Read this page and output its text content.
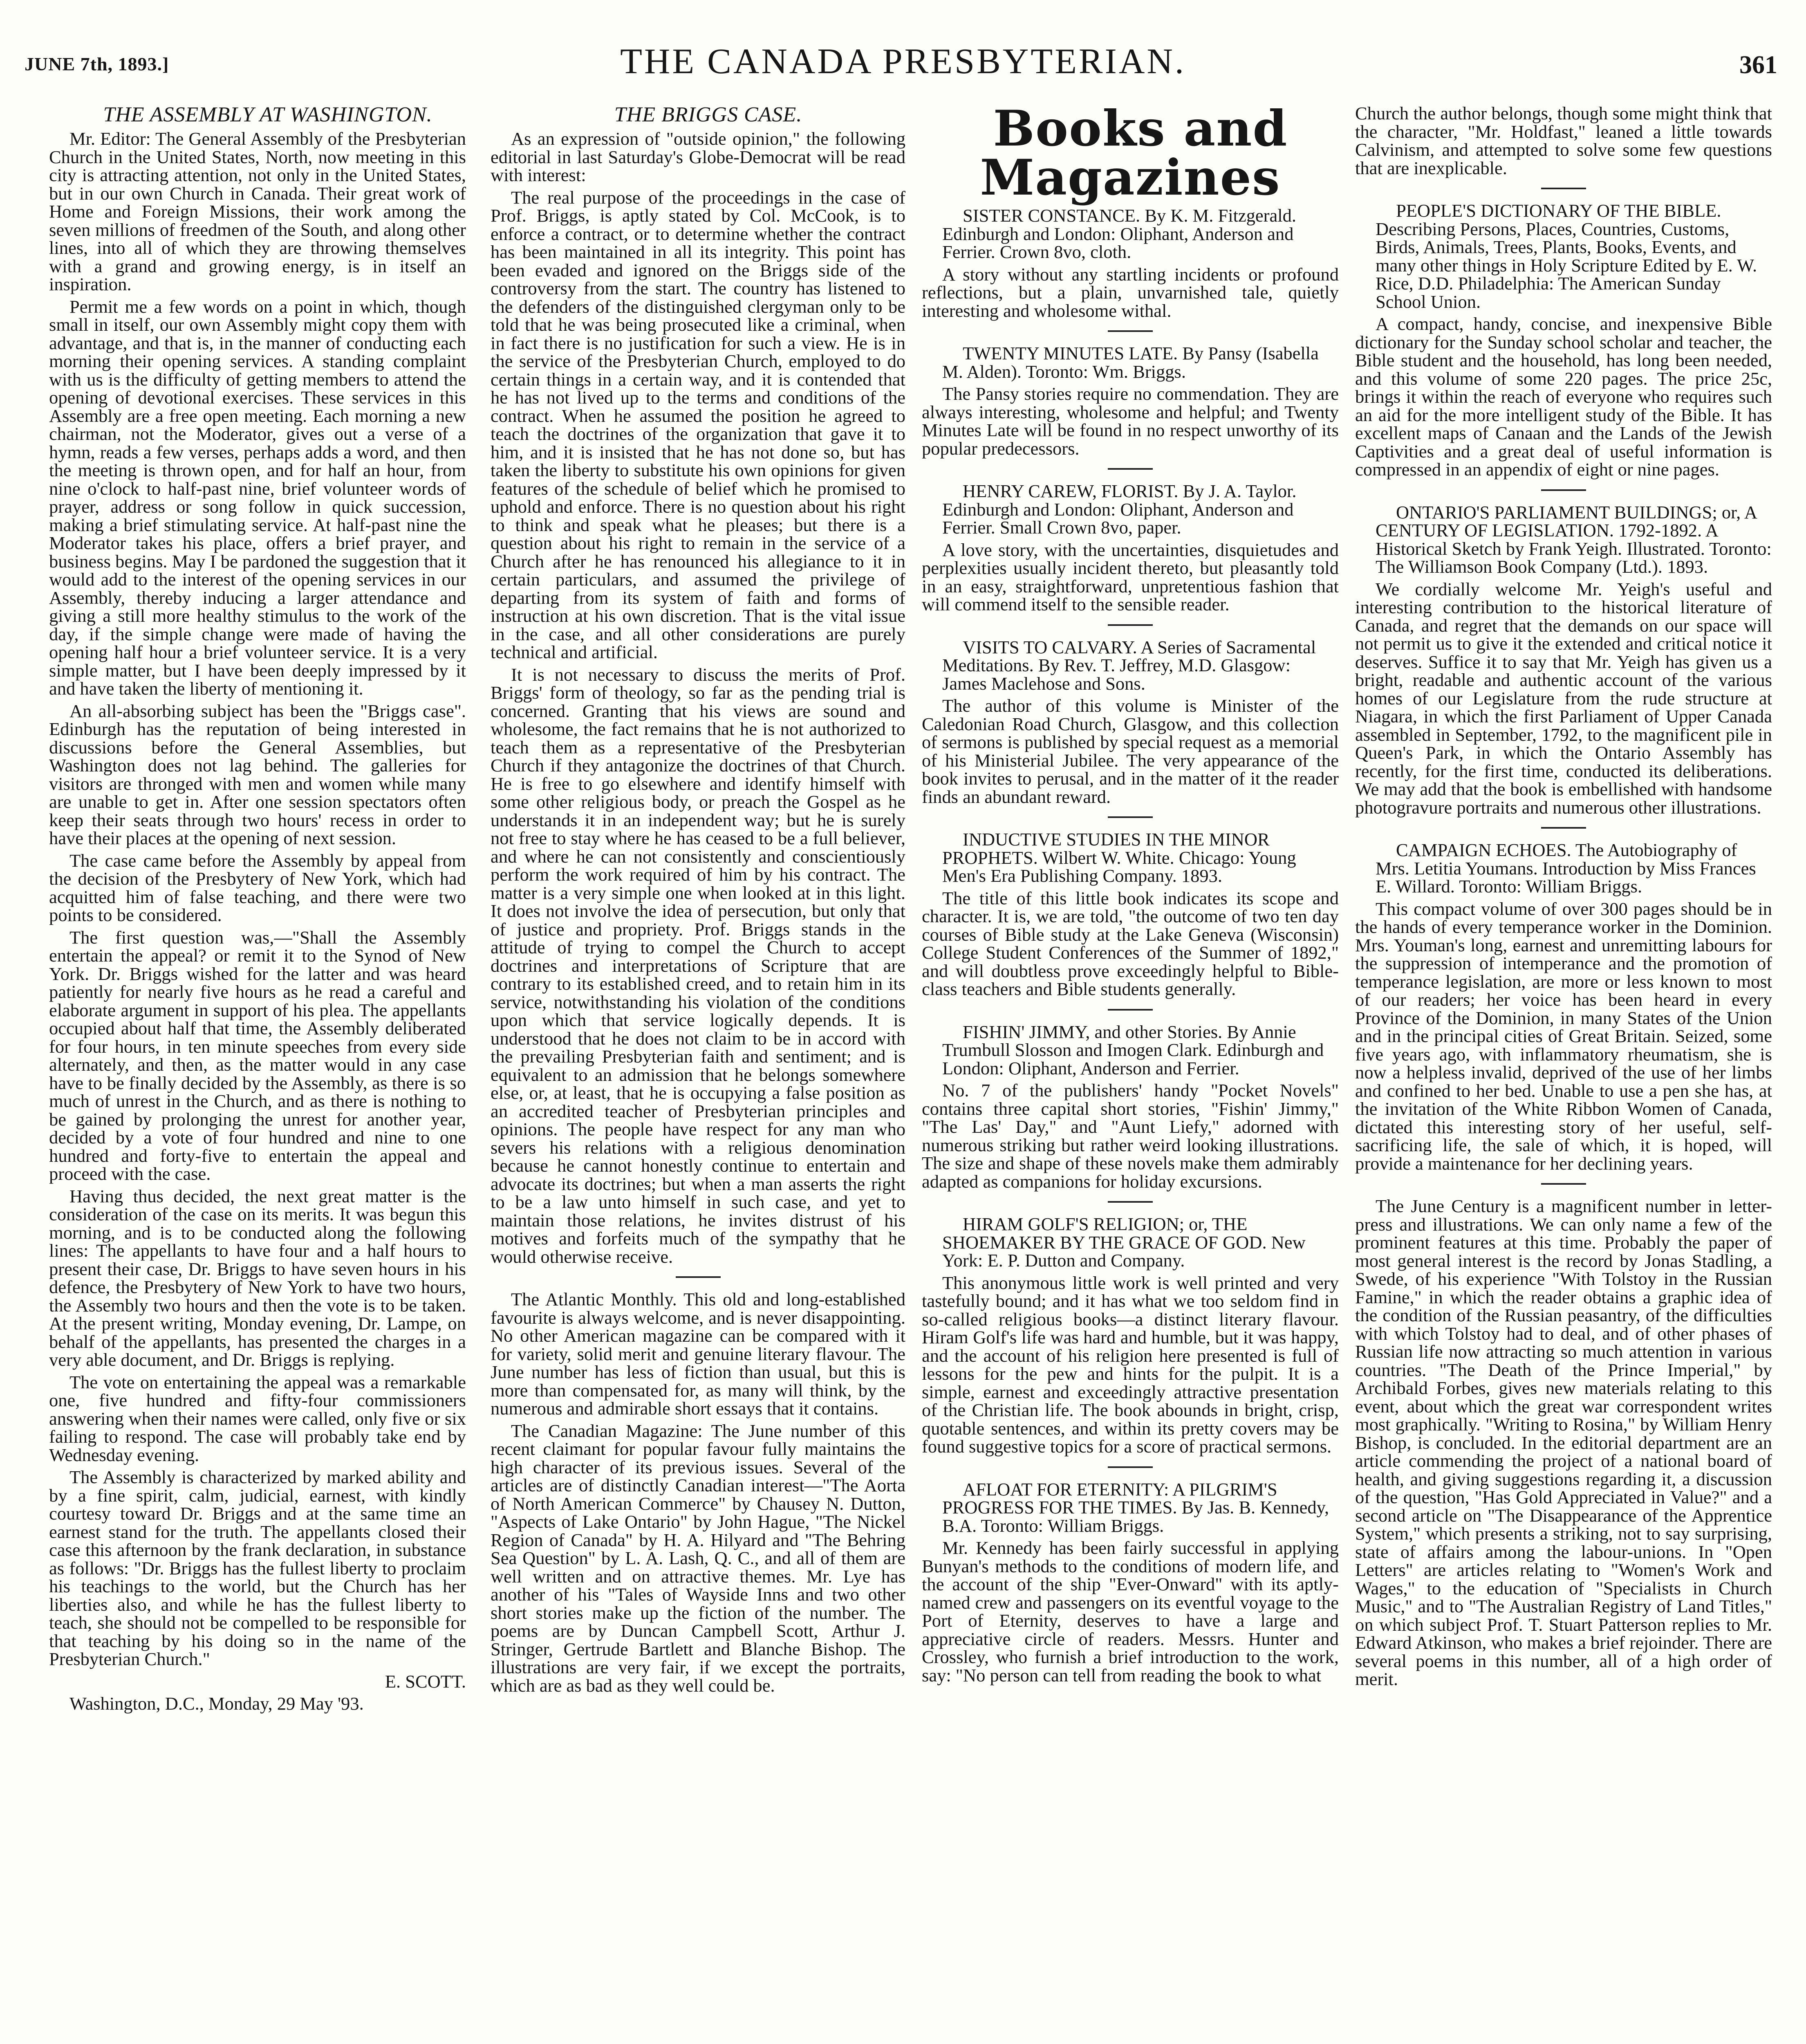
JUNE 7th, 1893.]	THE CANADA PRESBYTERIAN.	361

THE ASSEMBLY AT WASHINGTON.

Mr. Editor: The General Assembly of the Presbyterian Church in the United States, North, now meeting in this city is attracting attention, not only in the United States, but in our own Church in Canada. Their great work of Home and Foreign Missions, their work among the seven millions of freedmen of the South, and along other lines, into all of which they are throwing themselves with a grand and growing energy, is in itself an inspiration.

Permit me a few words on a point in which, though small in itself, our own Assembly might copy them with advantage, and that is, in the manner of conducting each morning their opening services. A standing complaint with us is the difficulty of getting members to attend the opening of devotional exercises. These services in this Assembly are a free open meeting. Each morning a new chairman, not the Moderator, gives out a verse of a hymn, reads a few verses, perhaps adds a word, and then the meeting is thrown open, and for half an hour, from nine o'clock to half-past nine, brief volunteer words of prayer, address or song follow in quick succession, making a brief stimulating service. At half-past nine the Moderator takes his place, offers a brief prayer, and business begins. May I be pardoned the suggestion that it would add to the interest of the opening services in our Assembly, thereby inducing a larger attendance and giving a still more healthy stimulus to the work of the day, if the simple change were made of having the opening half hour a brief volunteer service. It is a very simple matter, but I have been deeply impressed by it and have taken the liberty of mentioning it.

An all-absorbing subject has been the "Briggs case". Edinburgh has the reputation of being interested in discussions before the General Assemblies, but Washington does not lag behind. The galleries for visitors are thronged with men and women while many are unable to get in. After one session spectators often keep their seats through two hours' recess in order to have their places at the opening of next session.

The case came before the Assembly by appeal from the decision of the Presbytery of New York, which had acquitted him of false teaching, and there were two points to be considered.

The first question was,—"Shall the Assembly entertain the appeal? or remit it to the Synod of New York. Dr. Briggs wished for the latter and was heard patiently for nearly five hours as he read a careful and elaborate argument in support of his plea. The appellants occupied about half that time, the Assembly deliberated for four hours, in ten minute speeches from every side alternately, and then, as the matter would in any case have to be finally decided by the Assembly, as there is so much of unrest in the Church, and as there is nothing to be gained by prolonging the unrest for another year, decided by a vote of four hundred and nine to one hundred and forty-five to entertain the appeal and proceed with the case.

Having thus decided, the next great matter is the consideration of the case on its merits. It was begun this morning, and is to be conducted along the following lines: The appellants to have four and a half hours to present their case, Dr. Briggs to have seven hours in his defence, the Presbytery of New York to have two hours, the Assembly two hours and then the vote is to be taken. At the present writing, Monday evening, Dr. Lampe, on behalf of the appellants, has presented the charges in a very able document, and Dr. Briggs is replying.

The vote on entertaining the appeal was a remarkable one, five hundred and fifty-four commissioners answering when their names were called, only five or six failing to respond. The case will probably take end by Wednesday evening.

The Assembly is characterized by marked ability and by a fine spirit, calm, judicial, earnest, with kindly courtesy toward Dr. Briggs and at the same time an earnest stand for the truth. The appellants closed their case this afternoon by the frank declaration, in substance as follows: "Dr. Briggs has the fullest liberty to proclaim his teachings to the world, but the Church has her liberties also, and while he has the fullest liberty to teach, she should not be compelled to be responsible for that teaching by his doing so in the name of the Presbyterian Church."

E. SCOTT.

Washington, D.C., Monday, 29 May '93.

THE BRIGGS CASE.

As an expression of "outside opinion," the following editorial in last Saturday's Globe-Democrat will be read with interest:

The real purpose of the proceedings in the case of Prof. Briggs, is aptly stated by Col. McCook, is to enforce a contract, or to determine whether the contract has been maintained in all its integrity. This point has been evaded and ignored on the Briggs side of the controversy from the start. The country has listened to the defenders of the distinguished clergyman only to be told that he was being prosecuted like a criminal, when in fact there is no justification for such a view. He is in the service of the Presbyterian Church, employed to do certain things in a certain way, and it is contended that he has not lived up to the terms and conditions of the contract. When he assumed the position he agreed to teach the doctrines of the organization that gave it to him, and it is insisted that he has not done so, but has taken the liberty to substitute his own opinions for given features of the schedule of belief which he promised to uphold and enforce. There is no question about his right to think and speak what he pleases; but there is a question about his right to remain in the service of a Church after he has renounced his allegiance to it in certain particulars, and assumed the privilege of departing from its system of faith and forms of instruction at his own discretion. That is the vital issue in the case, and all other considerations are purely technical and artificial.

It is not necessary to discuss the merits of Prof. Briggs' form of theology, so far as the pending trial is concerned. Granting that his views are sound and wholesome, the fact remains that he is not authorized to teach them as a representative of the Presbyterian Church if they antagonize the doctrines of that Church. He is free to go elsewhere and identify himself with some other religious body, or preach the Gospel as he understands it in an independent way; but he is surely not free to stay where he has ceased to be a full believer, and where he can not consistently and conscientiously perform the work required of him by his contract. The matter is a very simple one when looked at in this light. It does not involve the idea of persecution, but only that of justice and propriety. Prof. Briggs stands in the attitude of trying to compel the Church to accept doctrines and interpretations of Scripture that are contrary to its established creed, and to retain him in its service, notwithstanding his violation of the conditions upon which that service logically depends. It is understood that he does not claim to be in accord with the prevailing Presbyterian faith and sentiment; and is equivalent to an admission that he belongs somewhere else, or, at least, that he is occupying a false position as an accredited teacher of Presbyterian principles and opinions. The people have respect for any man who severs his relations with a religious denomination because he cannot honestly continue to entertain and advocate its doctrines; but when a man asserts the right to be a law unto himself in such case, and yet to maintain those relations, he invites distrust of his motives and forfeits much of the sympathy that he would otherwise receive.

The Atlantic Monthly. This old and long-established favourite is always welcome, and is never disappointing. No other American magazine can be compared with it for variety, solid merit and genuine literary flavour. The June number has less of fiction than usual, but this is more than compensated for, as many will think, by the numerous and admirable short essays that it contains.

The Canadian Magazine: The June number of this recent claimant for popular favour fully maintains the high character of its previous issues. Several of the articles are of distinctly Canadian interest—"The Aorta of North American Commerce" by Chausey N. Dutton, "Aspects of Lake Ontario" by John Hague, "The Nickel Region of Canada" by H. A. Hilyard and "The Behring Sea Question" by L. A. Lash, Q. C., and all of them are well written and on attractive themes. Mr. Lye has another of his "Tales of Wayside Inns and two other short stories make up the fiction of the number. The poems are by Duncan Campbell Scott, Arthur J. Stringer, Gertrude Bartlett and Blanche Bishop. The illustrations are very fair, if we except the portraits, which are as bad as they well could be.

Books and Magazines

SISTER CONSTANCE. By K. M. Fitzgerald. Edinburgh and London: Oliphant, Anderson and Ferrier. Crown 8vo, cloth.

A story without any startling incidents or profound reflections, but a plain, unvarnished tale, quietly interesting and wholesome withal.

TWENTY MINUTES LATE. By Pansy (Isabella M. Alden). Toronto: Wm. Briggs.

The Pansy stories require no commendation. They are always interesting, wholesome and helpful; and Twenty Minutes Late will be found in no respect unworthy of its popular predecessors.

HENRY CAREW, FLORIST. By J. A. Taylor. Edinburgh and London: Oliphant, Anderson and Ferrier. Small Crown 8vo, paper.

A love story, with the uncertainties, disquietudes and perplexities usually incident thereto, but pleasantly told in an easy, straightforward, unpretentious fashion that will commend itself to the sensible reader.

VISITS TO CALVARY. A Series of Sacramental Meditations. By Rev. T. Jeffrey, M.D. Glasgow: James Maclehose and Sons.

The author of this volume is Minister of the Caledonian Road Church, Glasgow, and this collection of sermons is published by special request as a memorial of his Ministerial Jubilee. The very appearance of the book invites to perusal, and in the matter of it the reader finds an abundant reward.

INDUCTIVE STUDIES IN THE MINOR PROPHETS. Wilbert W. White. Chicago: Young Men's Era Publishing Company. 1893.

The title of this little book indicates its scope and character. It is, we are told, "the outcome of two ten day courses of Bible study at the Lake Geneva (Wisconsin) College Student Conferences of the Summer of 1892," and will doubtless prove exceedingly helpful to Bible-class teachers and Bible students generally.

FISHIN' JIMMY, and other Stories. By Annie Trumbull Slosson and Imogen Clark. Edinburgh and London: Oliphant, Anderson and Ferrier.

No. 7 of the publishers' handy "Pocket Novels" contains three capital short stories, "Fishin' Jimmy," "The Las' Day," and "Aunt Liefy," adorned with numerous striking but rather weird looking illustrations. The size and shape of these novels make them admirably adapted as companions for holiday excursions.

HIRAM GOLF'S RELIGION; or, THE SHOEMAKER BY THE GRACE OF GOD. New York: E. P. Dutton and Company.

This anonymous little work is well printed and very tastefully bound; and it has what we too seldom find in so-called religious books—a distinct literary flavour. Hiram Golf's life was hard and humble, but it was happy, and the account of his religion here presented is full of lessons for the pew and hints for the pulpit. It is a simple, earnest and exceedingly attractive presentation of the Christian life. The book abounds in bright, crisp, quotable sentences, and within its pretty covers may be found suggestive topics for a score of practical sermons.

AFLOAT FOR ETERNITY: A PILGRIM'S PROGRESS FOR THE TIMES. By Jas. B. Kennedy, B.A. Toronto: William Briggs.

Mr. Kennedy has been fairly successful in applying Bunyan's methods to the conditions of modern life, and the account of the ship "Ever-Onward" with its aptly-named crew and passengers on its eventful voyage to the Port of Eternity, deserves to have a large and appreciative circle of readers. Messrs. Hunter and Crossley, who furnish a brief introduction to the work, say: "No person can tell from reading the book to what

Church the author belongs, though some might think that the character, "Mr. Holdfast," leaned a little towards Calvinism, and attempted to solve some few questions that are inexplicable.

PEOPLE'S DICTIONARY OF THE BIBLE. Describing Persons, Places, Countries, Customs, Birds, Animals, Trees, Plants, Books, Events, and many other things in Holy Scripture Edited by E. W. Rice, D.D. Philadelphia: The American Sunday School Union.

A compact, handy, concise, and inexpensive Bible dictionary for the Sunday school scholar and teacher, the Bible student and the household, has long been needed, and this volume of some 220 pages. The price 25c, brings it within the reach of everyone who requires such an aid for the more intelligent study of the Bible. It has excellent maps of Canaan and the Lands of the Jewish Captivities and a great deal of useful information is compressed in an appendix of eight or nine pages.

ONTARIO'S PARLIAMENT BUILDINGS; or, A CENTURY OF LEGISLATION. 1792-1892. A Historical Sketch by Frank Yeigh. Illustrated. Toronto: The Williamson Book Company (Ltd.). 1893.

We cordially welcome Mr. Yeigh's useful and interesting contribution to the historical literature of Canada, and regret that the demands on our space will not permit us to give it the extended and critical notice it deserves. Suffice it to say that Mr. Yeigh has given us a bright, readable and authentic account of the various homes of our Legislature from the rude structure at Niagara, in which the first Parliament of Upper Canada assembled in September, 1792, to the magnificent pile in Queen's Park, in which the Ontario Assembly has recently, for the first time, conducted its deliberations. We may add that the book is embellished with handsome photogravure portraits and numerous other illustrations.

CAMPAIGN ECHOES. The Autobiography of Mrs. Letitia Youmans. Introduction by Miss Frances E. Willard. Toronto: William Briggs.

This compact volume of over 300 pages should be in the hands of every temperance worker in the Dominion. Mrs. Youman's long, earnest and unremitting labours for the suppression of intemperance and the promotion of temperance legislation, are more or less known to most of our readers; her voice has been heard in every Province of the Dominion, in many States of the Union and in the principal cities of Great Britain. Seized, some five years ago, with inflammatory rheumatism, she is now a helpless invalid, deprived of the use of her limbs and confined to her bed. Unable to use a pen she has, at the invitation of the White Ribbon Women of Canada, dictated this interesting story of her useful, self-sacrificing life, the sale of which, it is hoped, will provide a maintenance for her declining years.

The June Century is a magnificent number in letter-press and illustrations. We can only name a few of the prominent features at this time. Probably the paper of most general interest is the record by Jonas Stadling, a Swede, of his experience "With Tolstoy in the Russian Famine," in which the reader obtains a graphic idea of the condition of the Russian peasantry, of the difficulties with which Tolstoy had to deal, and of other phases of Russian life now attracting so much attention in various countries. "The Death of the Prince Imperial," by Archibald Forbes, gives new materials relating to this event, about which the great war correspondent writes most graphically. "Writing to Rosina," by William Henry Bishop, is concluded. In the editorial department are an article commending the project of a national board of health, and giving suggestions regarding it, a discussion of the question, "Has Gold Appreciated in Value?" and a second article on "The Disappearance of the Apprentice System," which presents a striking, not to say surprising, state of affairs among the labour-unions. In "Open Letters" are articles relating to "Women's Work and Wages," to the education of "Specialists in Church Music," and to "The Australian Registry of Land Titles," on which subject Prof. T. Stuart Patterson replies to Mr. Edward Atkinson, who makes a brief rejoinder. There are several poems in this number, all of a high order of merit.
